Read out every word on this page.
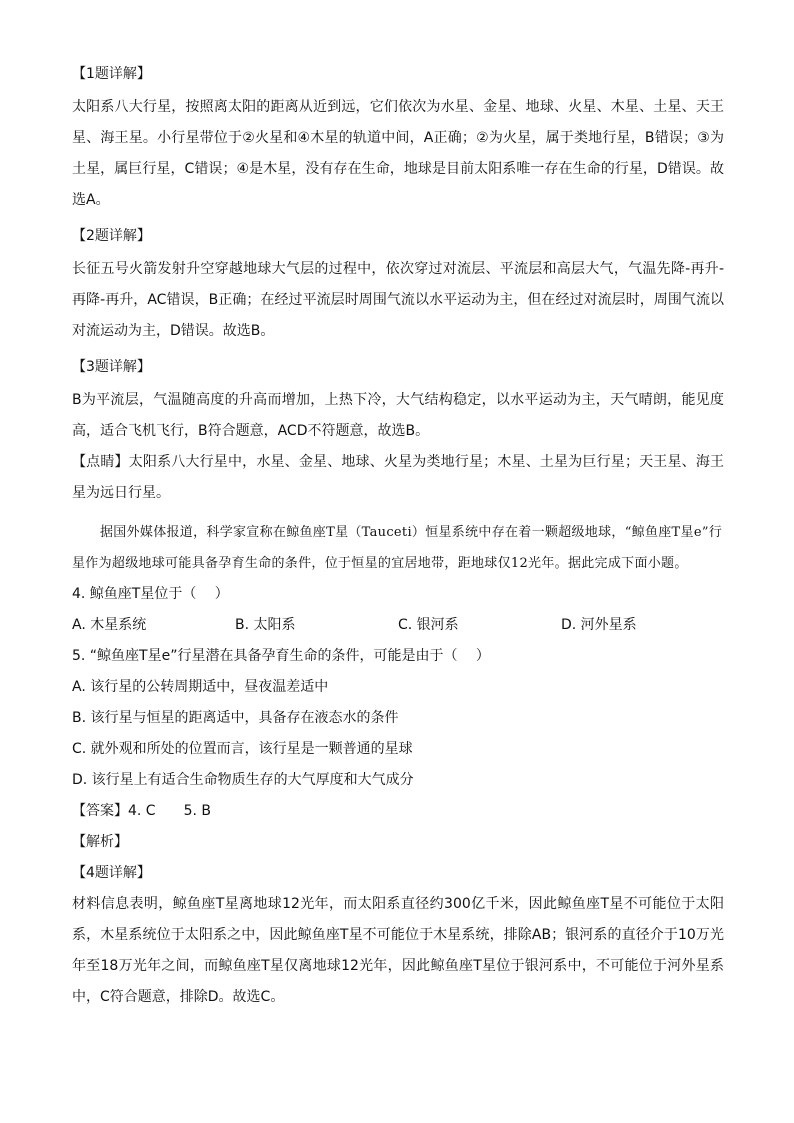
【1题详解】

太阳系八大行星，按照离太阳的距离从近到远，它们依次为水星、金星、地球、火星、木星、土星、天王星、海王星。小行星带位于②火星和④木星的轨道中间，A正确；②为火星，属于类地行星，B错误；③为土星，属巨行星，C错误；④是木星，没有存在生命，地球是目前太阳系唯一存在生命的行星，D错误。故选A。

【2题详解】

长征五号火箭发射升空穿越地球大气层的过程中，依次穿过对流层、平流层和高层大气，气温先降-再升-再降-再升，AC错误，B正确；在经过平流层时周围气流以水平运动为主，但在经过对流层时，周围气流以对流运动为主，D错误。故选B。

【3题详解】

B为平流层，气温随高度的升高而增加，上热下冷，大气结构稳定，以水平运动为主，天气晴朗，能见度高，适合飞机飞行，B符合题意，ACD不符题意，故选B。

【点睛】太阳系八大行星中，水星、金星、地球、火星为类地行星；木星、土星为巨行星；天王星、海王星为远日行星。

据国外媒体报道，科学家宣称在鲸鱼座T星（Tauceti）恒星系统中存在着一颗超级地球，“鲸鱼座T星e”行星作为超级地球可能具备孕育生命的条件，位于恒星的宜居地带，距地球仅12光年。据此完成下面小题。

4. 鲸鱼座T星位于（　 ）
A. 木星系统	B. 太阳系	C. 银河系	D. 河外星系
5. “鲸鱼座T星e”行星潜在具备孕育生命的条件，可能是由于（　 ）
A. 该行星的公转周期适中，昼夜温差适中
B. 该行星与恒星的距离适中，具备存在液态水的条件
C. 就外观和所处的位置而言，该行星是一颗普通的星球
D. 该行星上有适合生命物质生存的大气厚度和大气成分
【答案】4. C　　5. B
【解析】
【4题详解】

材料信息表明，鲸鱼座T星离地球12光年，而太阳系直径约300亿千米，因此鲸鱼座T星不可能位于太阳系，木星系统位于太阳系之中，因此鲸鱼座T星不可能位于木星系统，排除AB；银河系的直径介于10万光年至18万光年之间，而鲸鱼座T星仅离地球12光年，因此鲸鱼座T星位于银河系中，不可能位于河外星系中，C符合题意，排除D。故选C。
